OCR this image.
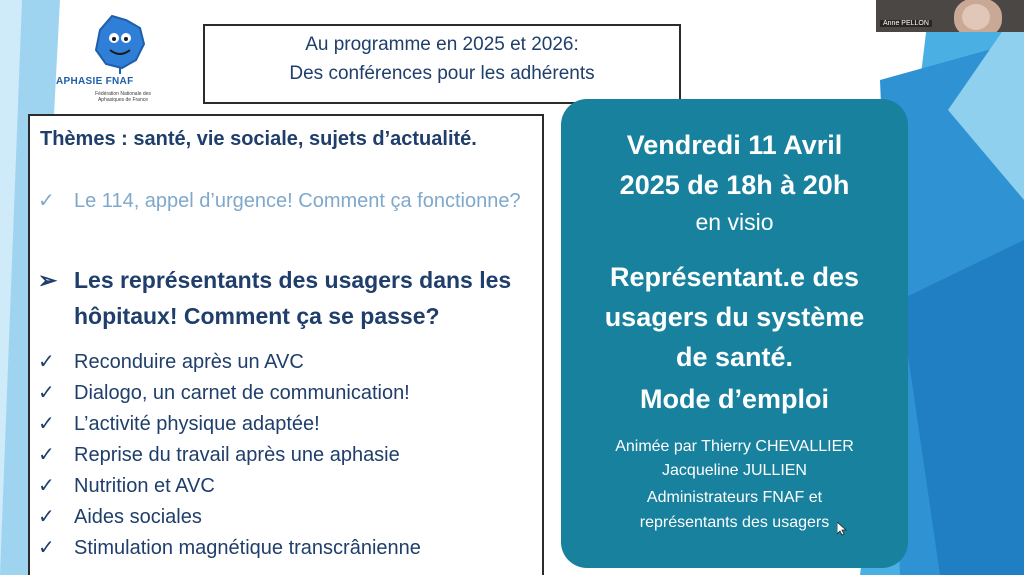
APHASIE FNAF
Fédération Nationale des Aphasiques de France
Au programme en 2025 et 2026:
Des conférences pour les adhérents
Thèmes : santé, vie sociale, sujets d’actualité.
✓ Le 114, appel d’urgence! Comment ça fonctionne?
➢ Les représentants des usagers dans les hôpitaux! Comment ça se passe?
✓ Reconduire après un AVC
✓ Dialogo, un carnet de communication!
✓ L’activité physique adaptée!
✓ Reprise du travail après une aphasie
✓ Nutrition et AVC
✓ Aides sociales
✓ Stimulation magnétique transcrânienne
Vendredi 11 Avril
2025 de 18h à 20h
en visio
Représentant.e des
usagers du système
de santé.
Mode d’emploi
Animée par Thierry CHEVALLIER
Jacqueline JULLIEN
Administrateurs FNAF et
représentants des usagers
Anne PELLON
